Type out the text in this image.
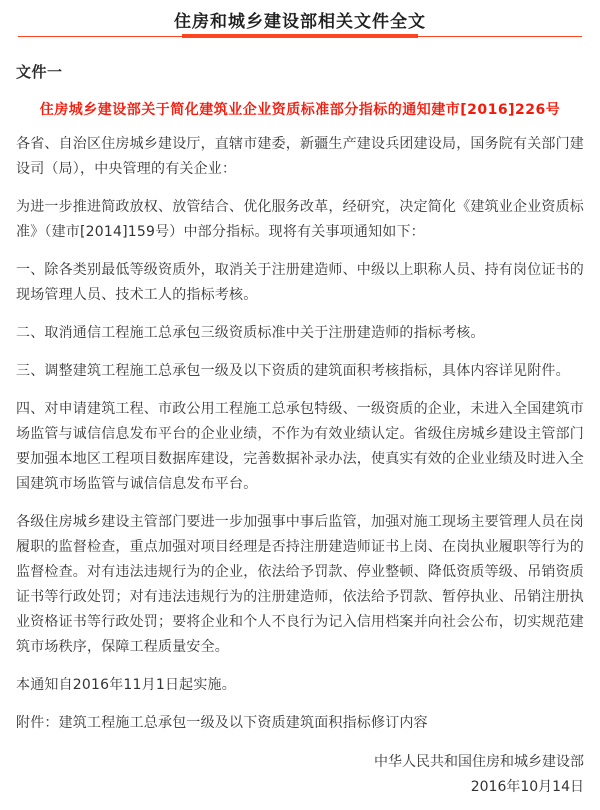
住房和城乡建设部相关文件全文
文件一
住房城乡建设部关于简化建筑业企业资质标准部分指标的通知建市[2016]226号

各省、自治区住房城乡建设厅，直辖市建委，新疆生产建设兵团建设局，国务院有关部门建设司（局），中央管理的有关企业：

为进一步推进简政放权、放管结合、优化服务改革，经研究，决定简化《建筑业企业资质标准》（建市[2014]159号）中部分指标。现将有关事项通知如下：

一、除各类别最低等级资质外，取消关于注册建造师、中级以上职称人员、持有岗位证书的现场管理人员、技术工人的指标考核。

二、取消通信工程施工总承包三级资质标准中关于注册建造师的指标考核。

三、调整建筑工程施工总承包一级及以下资质的建筑面积考核指标，具体内容详见附件。

四、对申请建筑工程、市政公用工程施工总承包特级、一级资质的企业，未进入全国建筑市场监管与诚信信息发布平台的企业业绩，不作为有效业绩认定。省级住房城乡建设主管部门要加强本地区工程项目数据库建设，完善数据补录办法，使真实有效的企业业绩及时进入全国建筑市场监管与诚信信息发布平台。

各级住房城乡建设主管部门要进一步加强事中事后监管，加强对施工现场主要管理人员在岗履职的监督检查，重点加强对项目经理是否持注册建造师证书上岗、在岗执业履职等行为的监督检查。对有违法违规行为的企业，依法给予罚款、停业整顿、降低资质等级、吊销资质证书等行政处罚；对有违法违规行为的注册建造师，依法给予罚款、暂停执业、吊销注册执业资格证书等行政处罚；要将企业和个人不良行为记入信用档案并向社会公布，切实规范建筑市场秩序，保障工程质量安全。

本通知自2016年11月1日起实施。

附件：建筑工程施工总承包一级及以下资质建筑面积指标修订内容

中华人民共和国住房和城乡建设部
2016年10月14日
